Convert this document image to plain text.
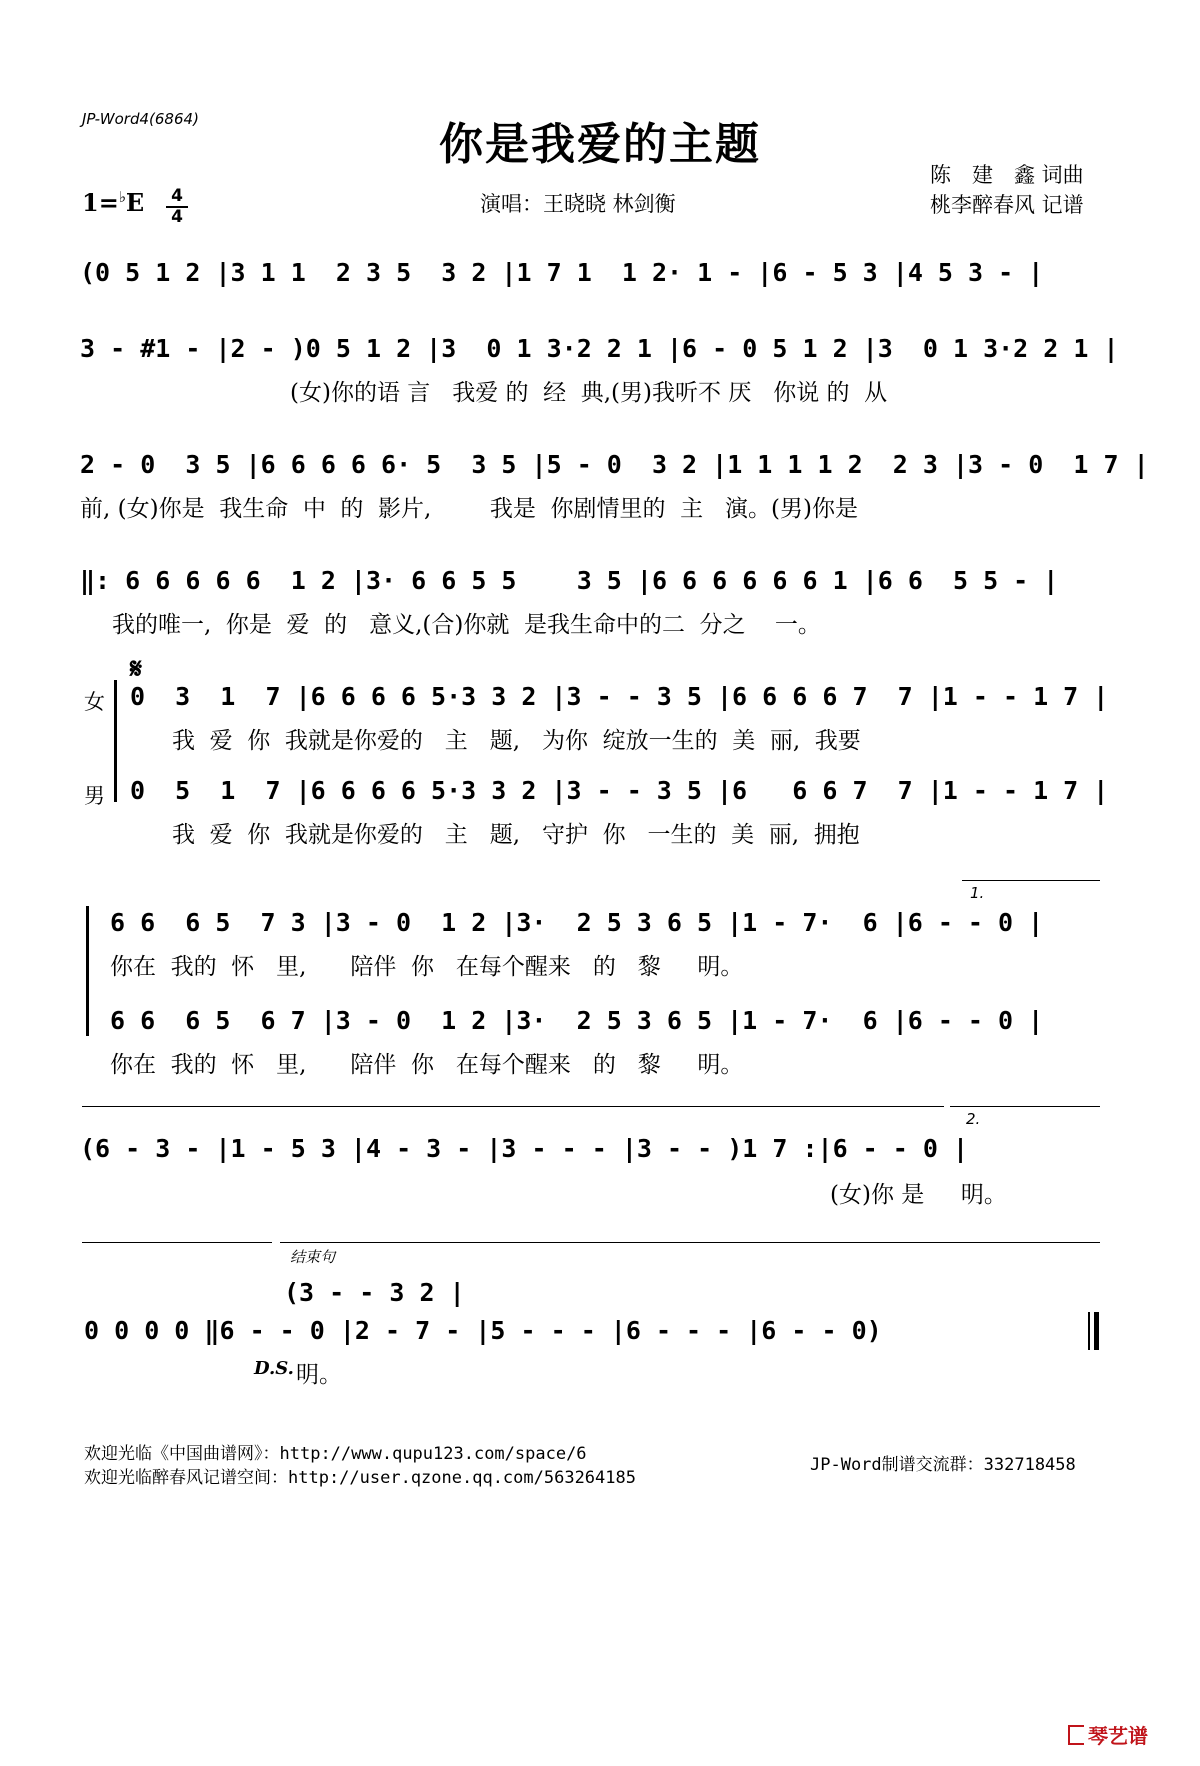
JP-Word4(6864)	你是我爱的主题
1=♭E 4
4
演唱：王晓晓 林剑衡
陈　建　鑫 词曲
桃李醉春风 记谱
(0 5 1 2 |3 1 1  2 3 5  3 2 |1 7 1  1 2· 1 - |6 - 5 3 |4 5 3 - |
3 - #1 - |2 - )0 5 1 2 |3  0 1 3·2 2 1 |6 - 0 5 1 2 |3  0 1 3·2 2 1 |
(女)你的语 言   我爱 的  经  典,(男)我听不 厌   你说 的  从
2 - 0  3 5 |6 6 6 6 6· 5  3 5 |5 - 0  3 2 |1 1 1 1 2  2 3 |3 - 0  1 7 |
前, (女)你是  我生命  中  的  影片,        我是  你剧情里的  主   演。(男)你是
‖: 6 6 6 6 6  1 2 |3· 6 6 5 5    3 5 |6 6 6 6 6 6 1 |6 6  5 5 - |
我的唯一,  你是  爱  的   意义,(合)你就  是我生命中的二  分之    一。
𝄋
女
男
0  3  1  7 |6 6 6 6 5·3 3 2 |3 - - 3 5 |6 6 6 6 7  7 |1 - - 1 7 |
我  爱  你  我就是你爱的   主   题,   为你  绽放一生的  美  丽,  我要
0  5  1  7 |6 6 6 6 5·3 3 2 |3 - - 3 5 |6   6 6 7  7 |1 - - 1 7 |
我  爱  你  我就是你爱的   主   题,   守护  你   一生的  美  丽,  拥抱
1.
6 6  6 5  7 3 |3 - 0  1 2 |3·  2 5 3 6 5 |1 - 7·  6 |6 - - 0 |
你在  我的  怀   里,      陪伴  你   在每个醒来   的   黎     明。
6 6  6 5  6 7 |3 - 0  1 2 |3·  2 5 3 6 5 |1 - 7·  6 |6 - - 0 |
你在  我的  怀   里,      陪伴  你   在每个醒来   的   黎     明。
2.
(6 - 3 - |1 - 5 3 |4 - 3 - |3 - - - |3 - - )1 7 :|6 - - 0 |
(女)你 是     明。
结束句
(3 - - 3 2 |
0 0 0 0 ‖6 - - 0 |2 - 7 - |5 - - - |6 - - - |6 - - 0)
D.S. 明。
欢迎光临《中国曲谱网》：http://www.qupu123.com/space/6
欢迎光临醉春风记谱空间：http://user.qzone.qq.com/563264185
JP-Word制谱交流群：332718458
琴艺谱
